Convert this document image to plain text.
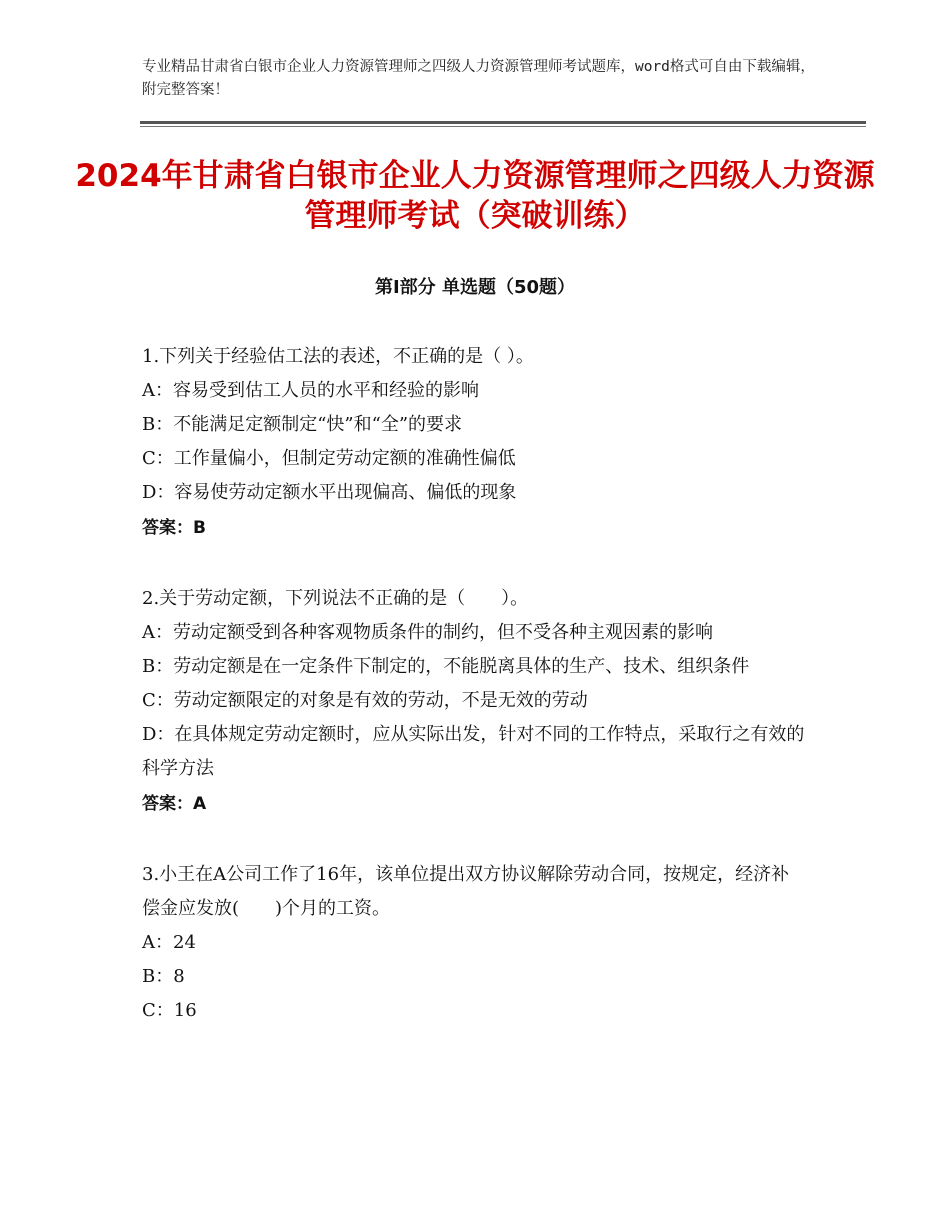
专业精品甘肃省白银市企业人力资源管理师之四级人力资源管理师考试题库，word格式可自由下载编辑，附完整答案！
2024年甘肃省白银市企业人力资源管理师之四级人力资源管理师考试（突破训练）
第Ⅰ部分 单选题（50题）

1.下列关于经验估工法的表述，不正确的是（ ）。

A：容易受到估工人员的水平和经验的影响

B：不能满足定额制定“快”和“全”的要求

C：工作量偏小，但制定劳动定额的准确性偏低

D：容易使劳动定额水平出现偏高、偏低的现象

答案：B

2.关于劳动定额，下列说法不正确的是（　　）。

A：劳动定额受到各种客观物质条件的制约，但不受各种主观因素的影响

B：劳动定额是在一定条件下制定的，不能脱离具体的生产、技术、组织条件

C：劳动定额限定的对象是有效的劳动，不是无效的劳动

D：在具体规定劳动定额时，应从实际出发，针对不同的工作特点，采取行之有效的科学方法

答案：A

3.小王在A公司工作了16年，该单位提出双方协议解除劳动合同，按规定，经济补偿金应发放(　　)个月的工资。

A：24

B：8

C：16
